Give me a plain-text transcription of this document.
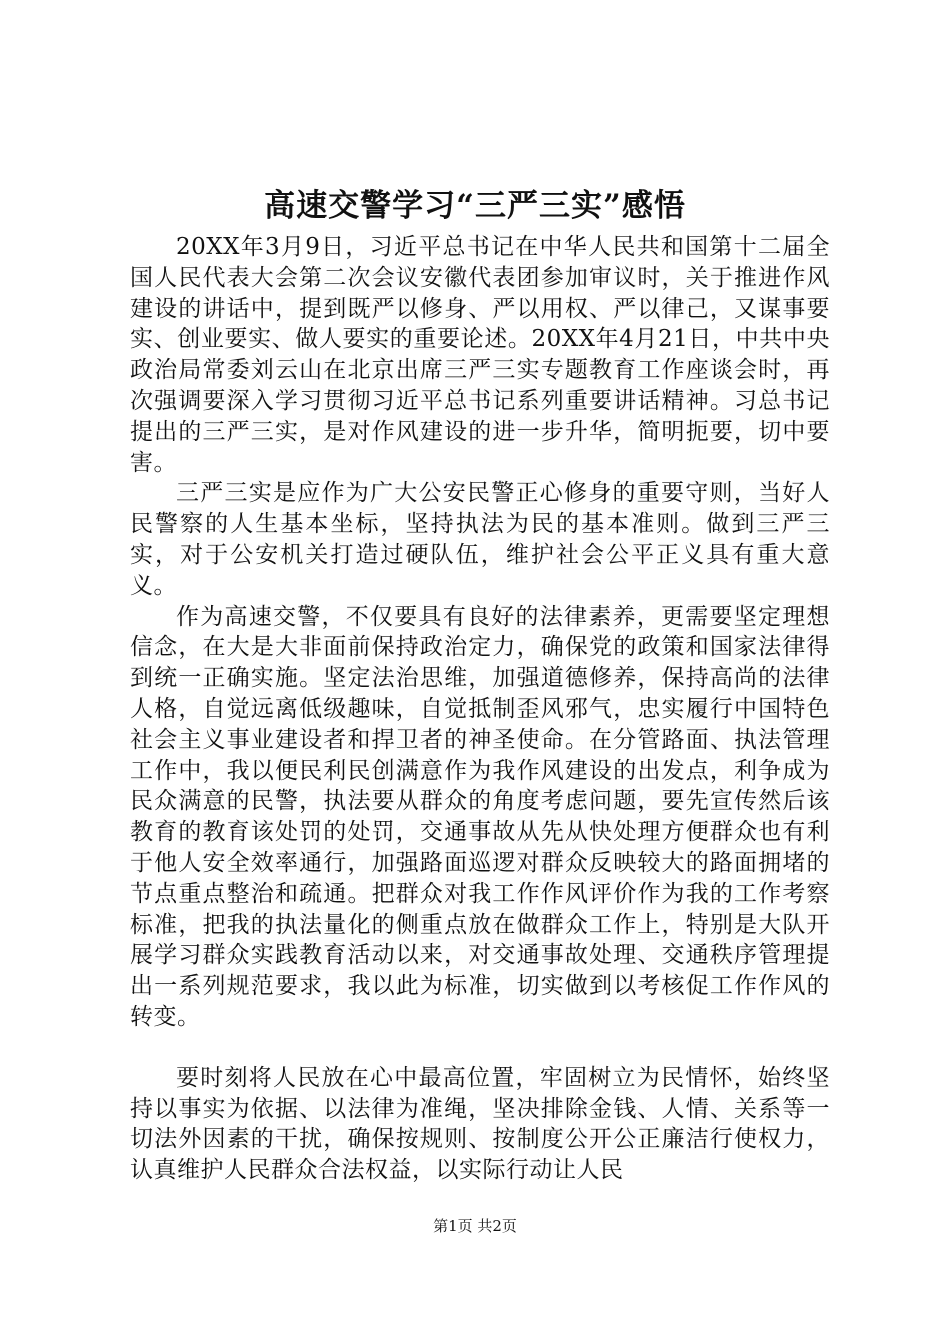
高速交警学习“三严三实”感悟

20XX年3月9日，习近平总书记在中华人民共和国第十二届全国人民代表大会第二次会议安徽代表团参加审议时，关于推进作风建设的讲话中，提到既严以修身、严以用权、严以律己，又谋事要实、创业要实、做人要实的重要论述。20XX年4月21日，中共中央政治局常委刘云山在北京出席三严三实专题教育工作座谈会时，再次强调要深入学习贯彻习近平总书记系列重要讲话精神。习总书记提出的三严三实，是对作风建设的进一步升华，简明扼要，切中要害。

三严三实是应作为广大公安民警正心修身的重要守则，当好人民警察的人生基本坐标，坚持执法为民的基本准则。做到三严三实，对于公安机关打造过硬队伍，维护社会公平正义具有重大意义。

作为高速交警，不仅要具有良好的法律素养，更需要坚定理想信念，在大是大非面前保持政治定力，确保党的政策和国家法律得到统一正确实施。坚定法治思维，加强道德修养，保持高尚的法律人格，自觉远离低级趣味，自觉抵制歪风邪气，忠实履行中国特色社会主义事业建设者和捍卫者的神圣使命。在分管路面、执法管理工作中，我以便民利民创满意作为我作风建设的出发点，利争成为民众满意的民警，执法要从群众的角度考虑问题，要先宣传然后该教育的教育该处罚的处罚，交通事故从先从快处理方便群众也有利于他人安全效率通行，加强路面巡逻对群众反映较大的路面拥堵的节点重点整治和疏通。把群众对我工作作风评价作为我的工作考察标准，把我的执法量化的侧重点放在做群众工作上，特别是大队开展学习群众实践教育活动以来，对交通事故处理、交通秩序管理提出一系列规范要求，我以此为标准，切实做到以考核促工作作风的转变。

要时刻将人民放在心中最高位置，牢固树立为民情怀，始终坚持以事实为依据、以法律为准绳，坚决排除金钱、人情、关系等一切法外因素的干扰，确保按规则、按制度公开公正廉洁行使权力，认真维护人民群众合法权益，以实际行动让人民

第1页 共2页
